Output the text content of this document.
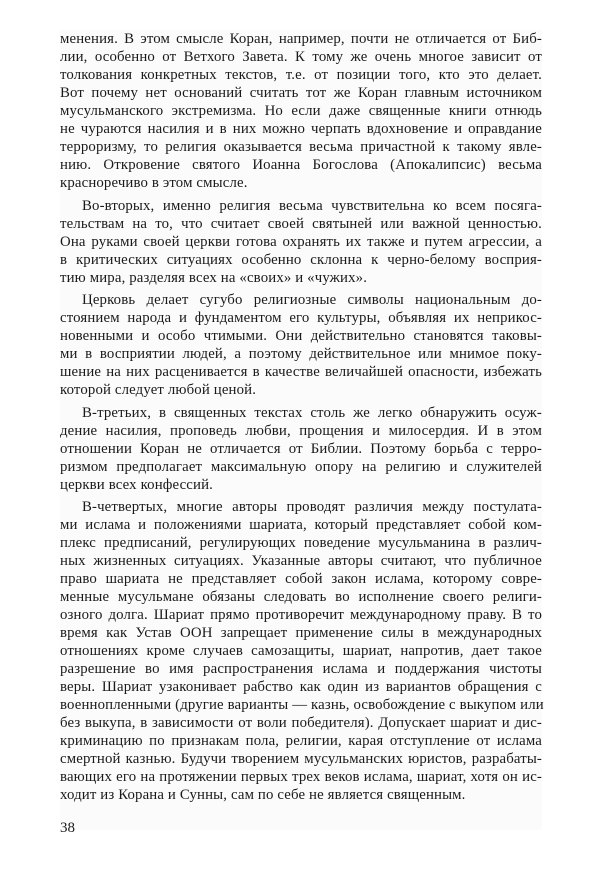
менения. В этом смысле Коран, например, почти не отличается от Биб-
лии, особенно от Ветхого Завета. К тому же очень многое зависит от
толкования конкретных текстов, т.е. от позиции того, кто это делает.
Вот почему нет оснований считать тот же Коран главным источником
мусульманского экстремизма. Но если даже священные книги отнюдь
не чураются насилия и в них можно черпать вдохновение и оправдание
терроризму, то религия оказывается весьма причастной к такому явле-
нию. Откровение святого Иоанна Богослова (Апокалипсис) весьма
красноречиво в этом смысле.
Во-вторых, именно религия весьма чувствительна ко всем посяга-
тельствам на то, что считает своей святыней или важной ценностью.
Она руками своей церкви готова охранять их также и путем агрессии, а
в критических ситуациях особенно склонна к черно-белому восприя-
тию мира, разделяя всех на «своих» и «чужих».
Церковь делает сугубо религиозные символы национальным до-
стоянием народа и фундаментом его культуры, объявляя их неприкос-
новенными и особо чтимыми. Они действительно становятся таковы-
ми в восприятии людей, а поэтому действительное или мнимое поку-
шение на них расценивается в качестве величайшей опасности, избежать
которой следует любой ценой.
В-третьих, в священных текстах столь же легко обнаружить осуж-
дение насилия, проповедь любви, прощения и милосердия. И в этом
отношении Коран не отличается от Библии. Поэтому борьба с терро-
ризмом предполагает максимальную опору на религию и служителей
церкви всех конфессий.
В-четвертых, многие авторы проводят различия между постулата-
ми ислама и положениями шариата, который представляет собой ком-
плекс предписаний, регулирующих поведение мусульманина в различ-
ных жизненных ситуациях. Указанные авторы считают, что публичное
право шариата не представляет собой закон ислама, которому совре-
менные мусульмане обязаны следовать во исполнение своего религи-
озного долга. Шариат прямо противоречит международному праву. В то
время как Устав ООН запрещает применение силы в международных
отношениях кроме случаев самозащиты, шариат, напротив, дает такое
разрешение во имя распространения ислама и поддержания чистоты
веры. Шариат узаконивает рабство как один из вариантов обращения с
военнопленными (другие варианты — казнь, освобождение с выкупом или
без выкупа, в зависимости от воли победителя). Допускает шариат и дис-
криминацию по признакам пола, религии, карая отступление от ислама
смертной казнью. Будучи творением мусульманских юристов, разрабаты-
вающих его на протяжении первых трех веков ислама, шариат, хотя он ис-
ходит из Корана и Сунны, сам по себе не является священным.
38
